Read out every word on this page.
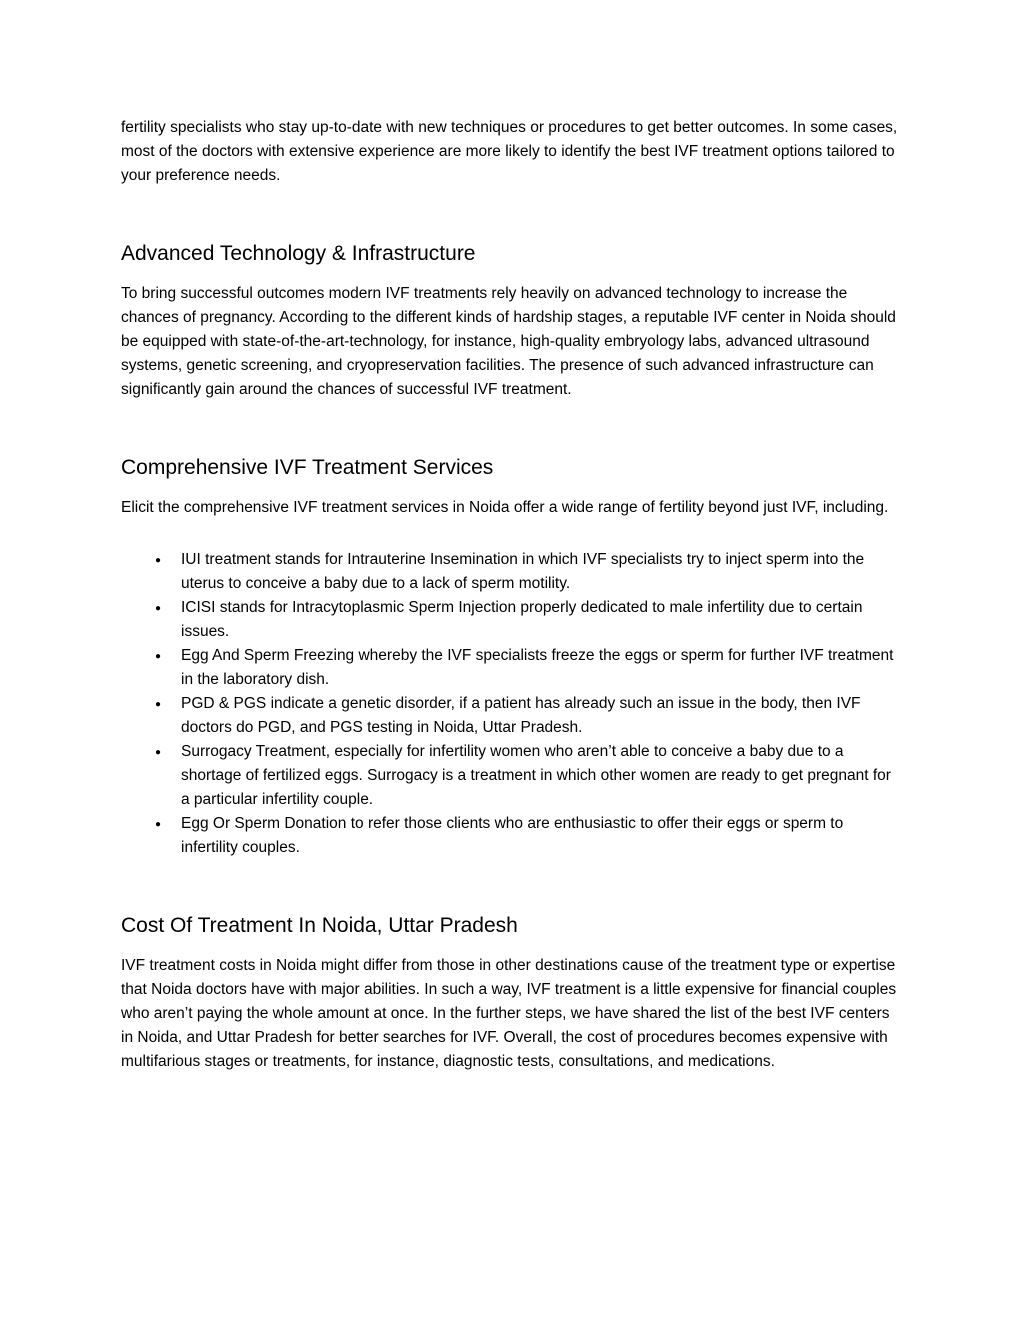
fertility specialists who stay up-to-date with new techniques or procedures to get better outcomes. In some cases, most of the doctors with extensive experience are more likely to identify the best IVF treatment options tailored to your preference needs.

Advanced Technology & Infrastructure

To bring successful outcomes modern IVF treatments rely heavily on advanced technology to increase the chances of pregnancy. According to the different kinds of hardship stages, a reputable IVF center in Noida should be equipped with state-of-the-art-technology, for instance, high-quality embryology labs, advanced ultrasound systems, genetic screening, and cryopreservation facilities. The presence of such advanced infrastructure can significantly gain around the chances of successful IVF treatment.

Comprehensive IVF Treatment Services

Elicit the comprehensive IVF treatment services in Noida offer a wide range of fertility beyond just IVF, including.

● IUI treatment stands for Intrauterine Insemination in which IVF specialists try to inject sperm into the uterus to conceive a baby due to a lack of sperm motility.
● ICISI stands for Intracytoplasmic Sperm Injection properly dedicated to male infertility due to certain issues.
● Egg And Sperm Freezing whereby the IVF specialists freeze the eggs or sperm for further IVF treatment in the laboratory dish.
● PGD & PGS indicate a genetic disorder, if a patient has already such an issue in the body, then IVF doctors do PGD, and PGS testing in Noida, Uttar Pradesh.
● Surrogacy Treatment, especially for infertility women who aren’t able to conceive a baby due to a shortage of fertilized eggs. Surrogacy is a treatment in which other women are ready to get pregnant for a particular infertility couple.
● Egg Or Sperm Donation to refer those clients who are enthusiastic to offer their eggs or sperm to infertility couples.
Cost Of Treatment In Noida, Uttar Pradesh

IVF treatment costs in Noida might differ from those in other destinations cause of the treatment type or expertise that Noida doctors have with major abilities. In such a way, IVF treatment is a little expensive for financial couples who aren’t paying the whole amount at once. In the further steps, we have shared the list of the best IVF centers in Noida, and Uttar Pradesh for better searches for IVF. Overall, the cost of procedures becomes expensive with multifarious stages or treatments, for instance, diagnostic tests, consultations, and medications.
